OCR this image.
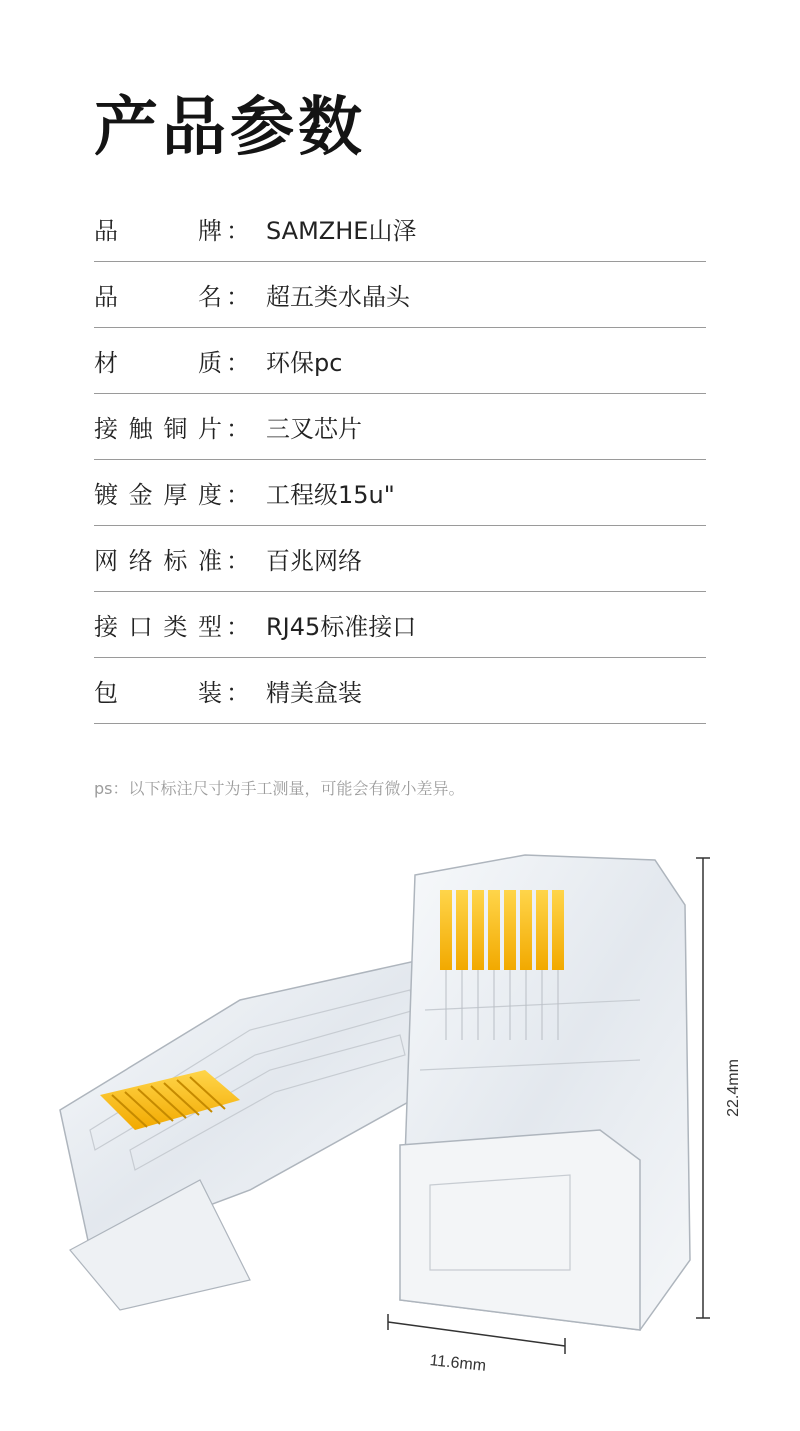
产品参数
品	牌 ： SAMZHE山泽
品	名 ： 超五类水晶头
材	质 ： 环保pc
接 触 铜 片 ： 三叉芯片
镀 金 厚 度 ： 工程级15u"
网 络 标 准 ： 百兆网络
接 口 类 型 ： RJ45标准接口
包	装 ： 精美盒装
ps：以下标注尺寸为手工测量，可能会有微小差异。
22.4mm
11.6mm
